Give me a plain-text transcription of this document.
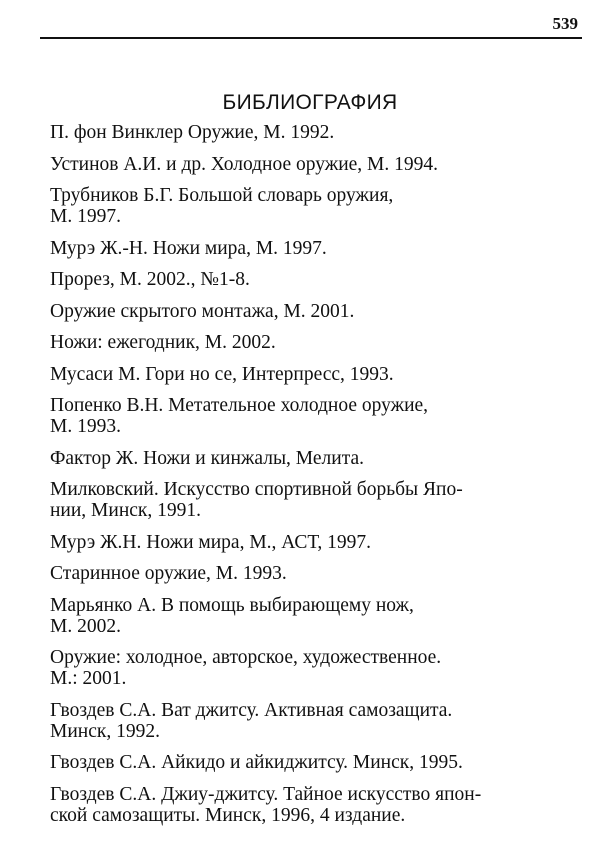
539
БИБЛИОГРАФИЯ
П. фон Винклер Оружие, М. 1992.
Устинов А.И. и др. Холодное оружие, М. 1994.
Трубников Б.Г. Большой словарь оружия,
М. 1997.
Мурэ Ж.-Н. Ножи мира, М. 1997.
Прорез, М. 2002., №1-8.
Оружие скрытого монтажа, М. 2001.
Ножи: ежегодник, М. 2002.
Мусаси М. Гори но се, Интерпресс, 1993.
Попенко В.Н. Метательное холодное оружие,
М. 1993.
Фактор Ж. Ножи и кинжалы, Мелита.
Милковский. Искусство спортивной борьбы Япо-
нии, Минск, 1991.
Мурэ Ж.Н. Ножи мира, М., АСТ, 1997.
Старинное оружие, М. 1993.
Марьянко А. В помощь выбирающему нож,
М. 2002.
Оружие: холодное, авторское, художественное.
М.: 2001.
Гвоздев С.А. Ват джитсу. Активная самозащита.
Минск, 1992.
Гвоздев С.А. Айкидо и айкиджитсу. Минск, 1995.
Гвоздев С.А. Джиу-джитсу. Тайное искусство япон-
ской самозащиты. Минск, 1996, 4 издание.
